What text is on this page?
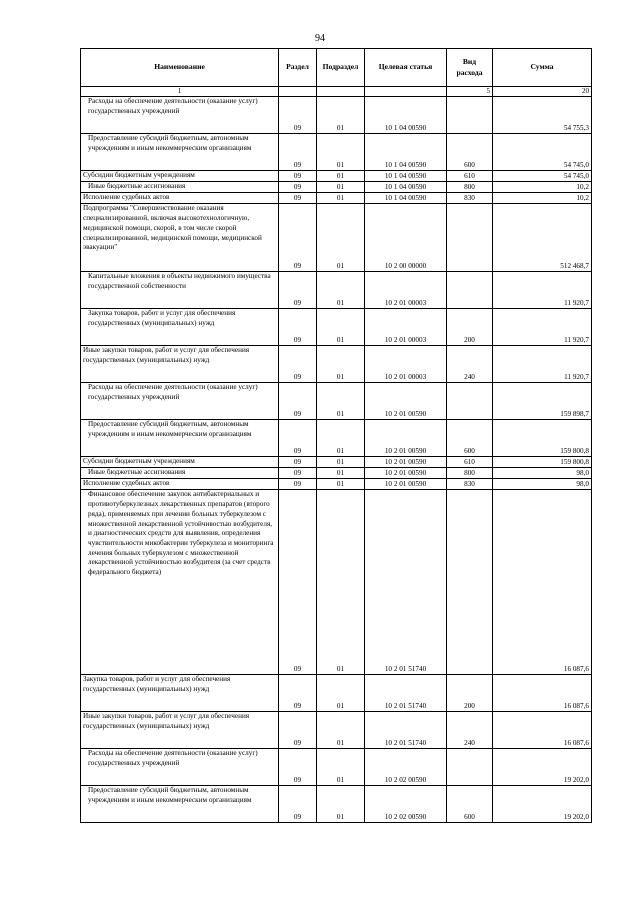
94
Наименование	Раздел	Подраздел	Целевая статья	Вид расхода	Сумма
1				5	20
Расходы на обеспечение деятельности (оказание услуг) государственных учреждений	09	01	10 1 04 00590		54 755,3
Предоставление субсидий бюджетным, автономным учреждениям и иным некоммерческим организациям	09	01	10 1 04 00590	600	54 745,0
Субсидии бюджетным учреждениям	09	01	10 1 04 00590	610	54 745,0
Иные бюджетные ассигнования	09	01	10 1 04 00590	800	10,2
Исполнение судебных актов	09	01	10 1 04 00590	830	10,2
Подпрограмма "Совершенствование оказания специализированной, включая высокотехнологичную, медицинской помощи, скорой, в том числе скорой специализированной, медицинской помощи, медицинской эвакуации"	09	01	10 2 00 00000		512 468,7
Капитальные вложения в объекты недвижимого имущества государственной собственности	09	01	10 2 01 00003		11 920,7
Закупка товаров, работ и услуг для обеспечения государственных (муниципальных) нужд	09	01	10 2 01 00003	200	11 920,7
Иные закупки товаров, работ и услуг для обеспечения государственных (муниципальных) нужд	09	01	10 2 01 00003	240	11 920,7
Расходы на обеспечение деятельности (оказание услуг) государственных учреждений	09	01	10 2 01 00590		159 898,7
Предоставление субсидий бюджетным, автономным учреждениям и иным некоммерческим организациям	09	01	10 2 01 00590	600	159 800,8
Субсидии бюджетным учреждениям	09	01	10 2 01 00590	610	159 800,8
Иные бюджетные ассигнования	09	01	10 2 01 00590	800	98,0
Исполнение судебных актов	09	01	10 2 01 00590	830	98,0
Финансовое обеспечение закупок антибактериальных и противотуберкулезных лекарственных препаратов (второго ряда), применяемых при лечении больных туберкулезом с множественной лекарственной устойчивостью возбудителя, и диагностических средств для выявления, определения чувствительности микобактерии туберкулеза и мониторинга лечения больных туберкулезом с множественной лекарственной устойчивостью возбудителя (за счет средств федерального бюджета)	09	01	10 2 01 51740		16 087,6
Закупка товаров, работ и услуг для обеспечения государственных (муниципальных) нужд	09	01	10 2 01 51740	200	16 087,6
Иные закупки товаров, работ и услуг для обеспечения государственных (муниципальных) нужд	09	01	10 2 01 51740	240	16 087,6
Расходы на обеспечение деятельности (оказание услуг) государственных учреждений	09	01	10 2 02 00590		19 202,0
Предоставление субсидий бюджетным, автономным учреждениям и иным некоммерческим организациям	09	01	10 2 02 00590	600	19 202,0
